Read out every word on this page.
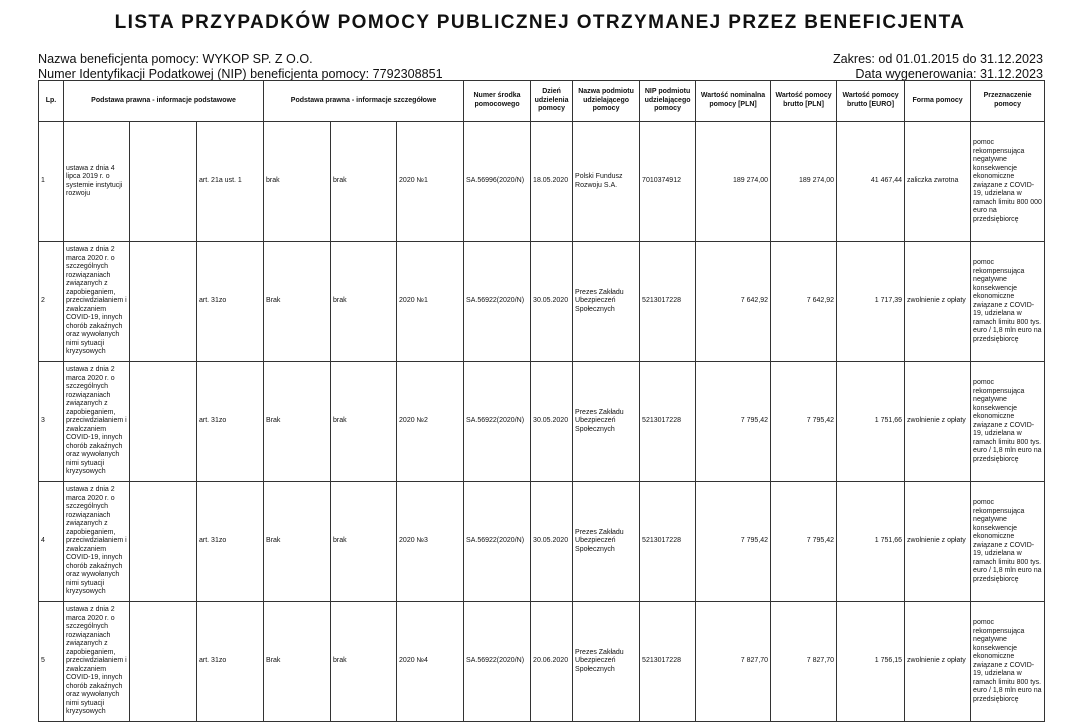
LISTA PRZYPADKÓW POMOCY PUBLICZNEJ OTRZYMANEJ PRZEZ BENEFICJENTA
Nazwa beneficjenta pomocy: WYKOP SP. Z O.O.
Numer Identyfikacji Podatkowej (NIP) beneficjenta pomocy: 7792308851
Zakres: od 01.01.2015 do 31.12.2023
Data wygenerowania: 31.12.2023
Lp.	Podstawa prawna - informacje podstawowe			Podstawa prawna - informacje szczegółowe			Numer środka pomocowego	Dzień udzielenia pomocy	Nazwa podmiotu udzielającego pomocy	NIP podmiotu udzielającego pomocy	Wartość nominalna pomocy [PLN]	Wartość pomocy brutto [PLN]	Wartość pomocy brutto [EURO]	Forma pomocy	Przeznaczenie pomocy
1	ustawa z dnia 4 lipca 2019 r. o systemie instytucji rozwoju		art. 21a ust. 1	brak	brak	2020 №1	SA.56996(2020/N)	18.05.2020	Polski Fundusz Rozwoju S.A.	7010374912	189 274,00	189 274,00	41 467,44	zaliczka zwrotna	pomoc rekompensująca negatywne konsekwencje ekonomiczne związane z COVID-19, udzielana w ramach limitu 800 000 euro na przedsiębiorcę
2	ustawa z dnia 2 marca 2020 r. o szczególnych rozwiązaniach związanych z zapobieganiem, przeciwdziałaniem i zwalczaniem COVID-19, innych chorób zakaźnych oraz wywołanych nimi sytuacji kryzysowych		art. 31zo	Brak	brak	2020 №1	SA.56922(2020/N)	30.05.2020	Prezes Zakładu Ubezpieczeń Społecznych	5213017228	7 642,92	7 642,92	1 717,39	zwolnienie z opłaty	pomoc rekompensująca negatywne konsekwencje ekonomiczne związane z COVID-19, udzielana w ramach limitu 800 tys. euro / 1,8 mln euro na przedsiębiorcę
3	ustawa z dnia 2 marca 2020 r. o szczególnych rozwiązaniach związanych z zapobieganiem, przeciwdziałaniem i zwalczaniem COVID-19, innych chorób zakaźnych oraz wywołanych nimi sytuacji kryzysowych		art. 31zo	Brak	brak	2020 №2	SA.56922(2020/N)	30.05.2020	Prezes Zakładu Ubezpieczeń Społecznych	5213017228	7 795,42	7 795,42	1 751,66	zwolnienie z opłaty	pomoc rekompensująca negatywne konsekwencje ekonomiczne związane z COVID-19, udzielana w ramach limitu 800 tys. euro / 1,8 mln euro na przedsiębiorcę
4	ustawa z dnia 2 marca 2020 r. o szczególnych rozwiązaniach związanych z zapobieganiem, przeciwdziałaniem i zwalczaniem COVID-19, innych chorób zakaźnych oraz wywołanych nimi sytuacji kryzysowych		art. 31zo	Brak	brak	2020 №3	SA.56922(2020/N)	30.05.2020	Prezes Zakładu Ubezpieczeń Społecznych	5213017228	7 795,42	7 795,42	1 751,66	zwolnienie z opłaty	pomoc rekompensująca negatywne konsekwencje ekonomiczne związane z COVID-19, udzielana w ramach limitu 800 tys. euro / 1,8 mln euro na przedsiębiorcę
5	ustawa z dnia 2 marca 2020 r. o szczególnych rozwiązaniach związanych z zapobieganiem, przeciwdziałaniem i zwalczaniem COVID-19, innych chorób zakaźnych oraz wywołanych nimi sytuacji kryzysowych		art. 31zo	Brak	brak	2020 №4	SA.56922(2020/N)	20.06.2020	Prezes Zakładu Ubezpieczeń Społecznych	5213017228	7 827,70	7 827,70	1 756,15	zwolnienie z opłaty	pomoc rekompensująca negatywne konsekwencje ekonomiczne związane z COVID-19, udzielana w ramach limitu 800 tys. euro / 1,8 mln euro na przedsiębiorcę
